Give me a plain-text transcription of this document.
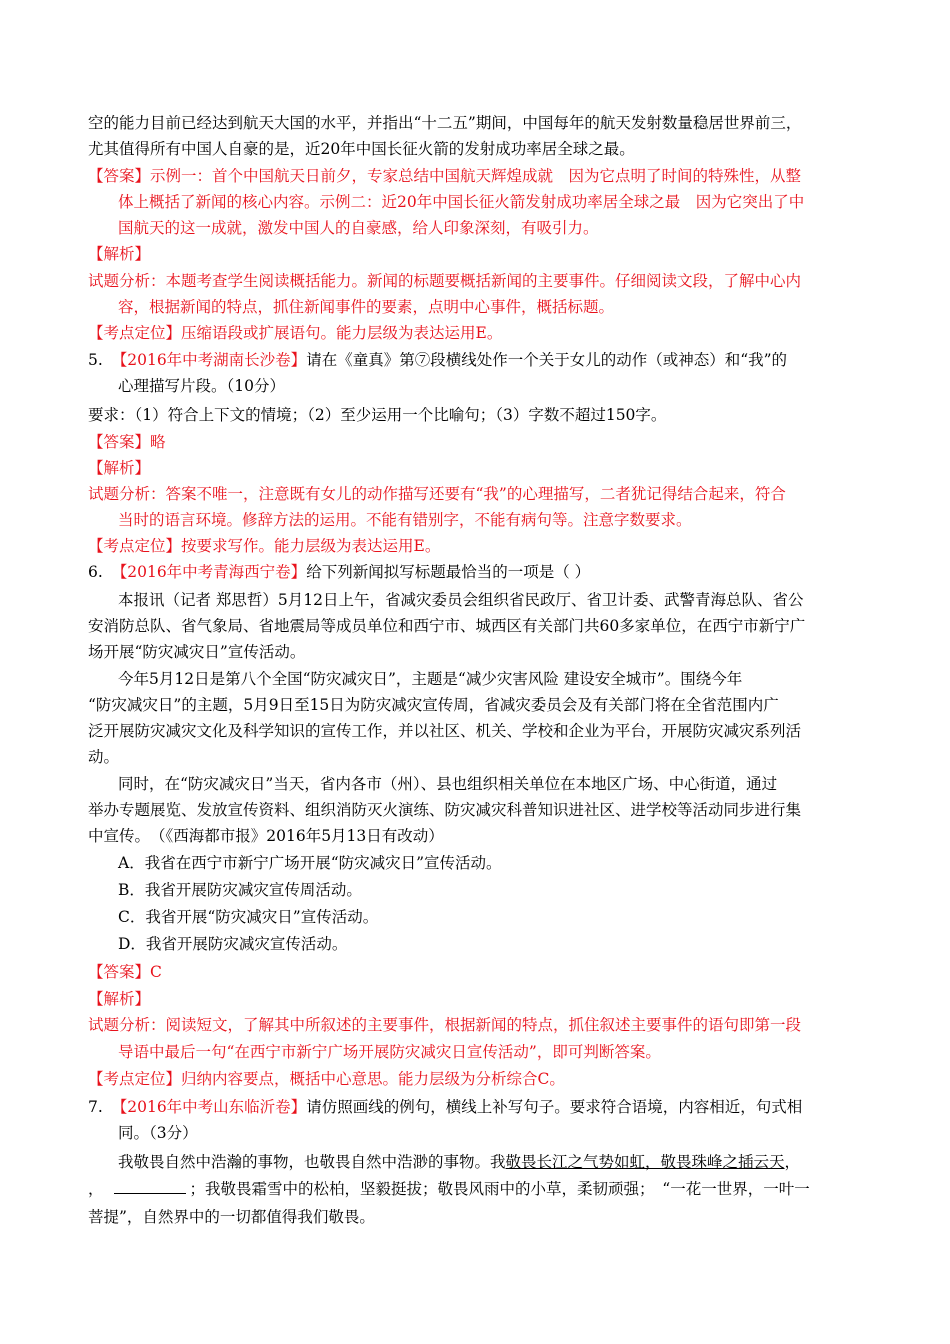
空的能力目前已经达到航天大国的水平，并指出“十二五”期间，中国每年的航天发射数量稳居世界前三，
尤其值得所有中国人自豪的是，近20年中国长征火箭的发射成功率居全球之最。
【答案】示例一：首个中国航天日前夕，专家总结中国航天辉煌成就　因为它点明了时间的特殊性，从整
体上概括了新闻的核心内容。示例二：近20年中国长征火箭发射成功率居全球之最　因为它突出了中
国航天的这一成就，激发中国人的自豪感，给人印象深刻，有吸引力。
【解析】
试题分析：本题考查学生阅读概括能力。新闻的标题要概括新闻的主要事件。仔细阅读文段，了解中心内
容，根据新闻的特点，抓住新闻事件的要素，点明中心事件，概括标题。
【考点定位】压缩语段或扩展语句。能力层级为表达运用E。
5. 【2016年中考湖南长沙卷】请在《童真》第⑦段横线处作一个关于女儿的动作（或神态）和“我”的
心理描写片段。（10分）
要求：（1）符合上下文的情境；（2）至少运用一个比喻句；（3）字数不超过150字。
【答案】略
【解析】
试题分析：答案不唯一，注意既有女儿的动作描写还要有“我”的心理描写，二者犹记得结合起来，符合
当时的语言环境。修辞方法的运用。不能有错别字，不能有病句等。注意字数要求。
【考点定位】按要求写作。能力层级为表达运用E。
6. 【2016年中考青海西宁卷】给下列新闻拟写标题最恰当的一项是（ ）
本报讯（记者 郑思哲）5月12日上午，省减灾委员会组织省民政厅、省卫计委、武警青海总队、省公
安消防总队、省气象局、省地震局等成员单位和西宁市、城西区有关部门共60多家单位，在西宁市新宁广
场开展“防灾减灾日”宣传活动。
今年5月12日是第八个全国“防灾减灾日”，主题是“减少灾害风险 建设安全城市”。围绕今年
“防灾减灾日”的主题，5月9日至15日为防灾减灾宣传周，省减灾委员会及有关部门将在全省范围内广
泛开展防灾减灾文化及科学知识的宣传工作，并以社区、机关、学校和企业为平台，开展防灾减灾系列活
动。
同时，在“防灾减灾日”当天，省内各市（州）、县也组织相关单位在本地区广场、中心街道，通过
举办专题展览、发放宣传资料、组织消防灭火演练、防灾减灾科普知识进社区、进学校等活动同步进行集
中宣传。　（《西海都市报》2016年5月13日有改动）
A．我省在西宁市新宁广场开展“防灾减灾日”宣传活动。
B．我省开展防灾减灾宣传周活动。
C．我省开展“防灾减灾日”宣传活动。
D．我省开展防灾减灾宣传活动。
【答案】C
【解析】
试题分析：阅读短文，了解其中所叙述的主要事件，根据新闻的特点，抓住叙述主要事件的语句即第一段
导语中最后一句“在西宁市新宁广场开展防灾减灾日宣传活动”，即可判断答案。
【考点定位】归纳内容要点，概括中心意思。能力层级为分析综合C。
7. 【2016年中考山东临沂卷】请仿照画线的例句，横线上补写句子。要求符合语境，内容相近，句式相
同。（3分）
我敬畏自然中浩瀚的事物，也敬畏自然中浩渺的事物。我敬畏长江之气势如虹，敬畏珠峰之插云天，
，	；我敬畏霜雪中的松柏，坚毅挺拔；敬畏风雨中的小草，柔韧顽强；　“一花一世界，一叶一
菩提”，自然界中的一切都值得我们敬畏。
